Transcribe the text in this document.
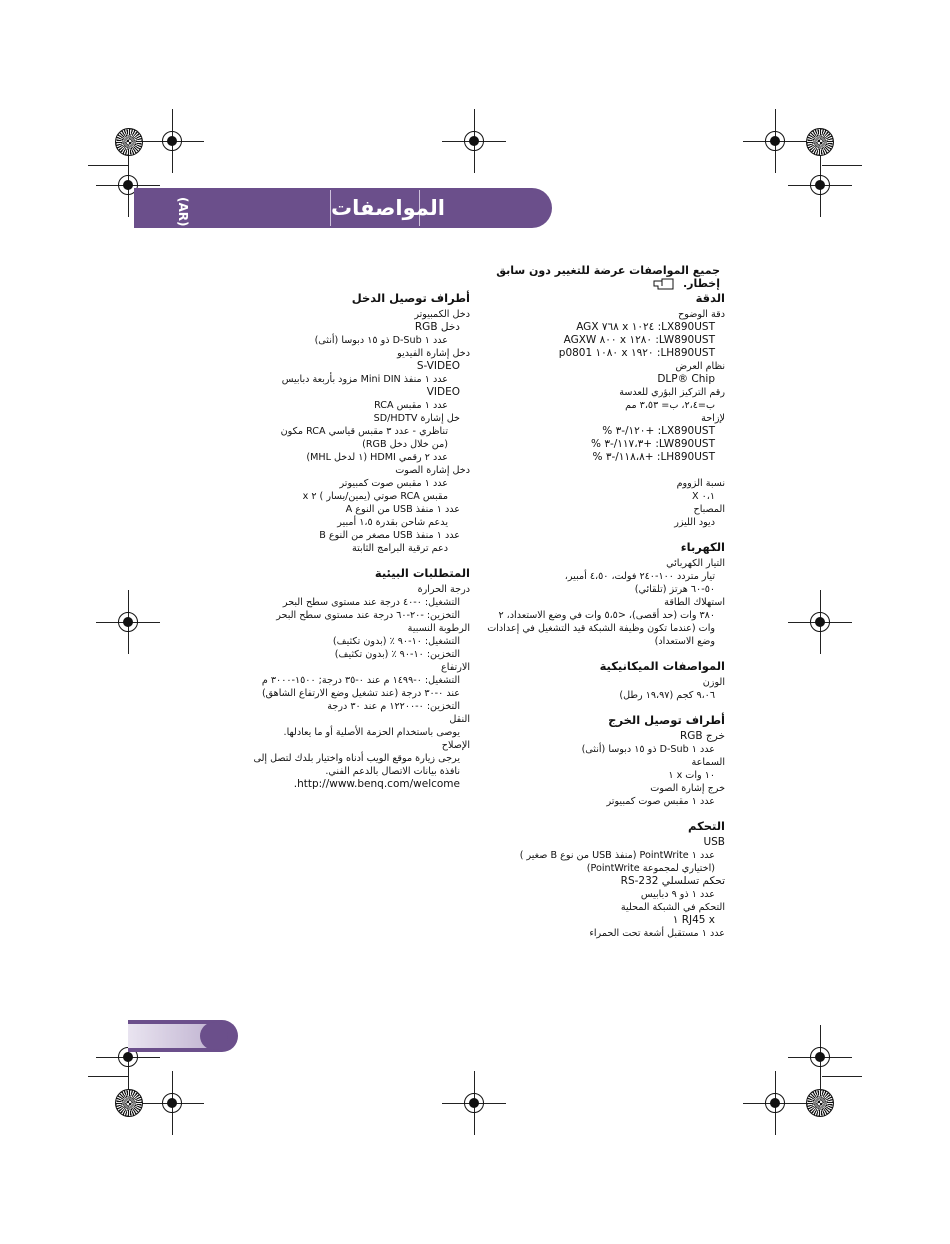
المواصفات
(AR)
جميع المواصفات عرضة للتغيير دون سابق إخطار.
الدقة
دقة الوضوح
LX890UST: ١٠٢٤ x ٧٦٨ AGX
LW890UST: ١٢٨٠ x ٨٠٠ AGXW
LH890UST: ١٩٢٠ x ١٠٨٠ p0801
نظام العرض
DLP® Chip
رقم التركيز البؤري للعدسة
ب=٢،٤، ب= ٣،٥٣ مم
لإزاحة
LX890UST: +١٢٠/-٣ %
LW890UST: +١١٧،٣/-٣ %
LH890UST: +١١٨،٨/-٣ %
نسبة الزووم
٠،١ X
المصباح
ديود الليزر
الكهرباء
التيار الكهربائي
تيار متردد ١٠٠-٢٤٠ فولت، ٤،٥٠ أمبير،
٥٠-٦٠ هرتز (تلقائي)
استهلاك الطاقة
٣٨٠ وات (حد أقصى)، <٥،٥ وات في وضع الاستعداد، ٢
وات (عندما تكون وظيفة الشبكة قيد التشغيل في إعدادات
وضع الاستعداد)
المواصفات الميكانيكية
الوزن
٩،٠٦ كجم (١٩،٩٧ رطل)
أطراف توصيل الخرج
خرج RGB
عدد ١ D-Sub ذو ١٥ دبوسا (أنثى)
السماعة
١٠ وات x ١
خرج إشارة الصوت
عدد ١ مقبس صوت كمبيوتر
التحكم
USB
عدد ١ PointWrite (منفذ USB من نوع B صغير )
(اختياري لمجموعة PointWrite)
تحكم تسلسلي RS-232
عدد ١ ذو ٩ دبابيس
التحكم في الشبكة المحلية
RJ45 x ١
عدد ١ مستقبل أشعة تحت الحمراء
أطراف توصيل الدخل
دخل الكمبيوتر
دخل RGB
عدد ١ D-Sub ذو ١٥ دبوسا (أنثى)
دخل إشارة الفيديو
S-VIDEO
عدد ١ منفذ Mini DIN مزود بأربعة دبابيس
VIDEO
عدد ١ مقبس RCA
خل إشارة SD/HDTV
تناظري - عدد ٣ مقبس قياسي RCA مكون
(من خلال دخل RGB)
عدد ٢ رقمي HDMI (١ لدخل MHL)
دخل إشارة الصوت
عدد ١ مقبس صوت كمبيوتر
مقبس RCA صوتي (يمين/يسار ) ٢ x
عدد ١ منفذ USB من النوع A
يدعم شاحن بقدرة ١،٥ أمبير
عدد ١ منفذ USB مصغر من النوع B
دعم ترقية البرامج الثابتة
المتطلبات البيئية
درجة الحرارة
التشغيل: ٠-٤٠ درجة عند مستوى سطح البحر
التخزين: -٢٠-٦٠ درجة عند مستوى سطح البحر
الرطوبة النسبية
التشغيل: ١٠-٩٠ ٪ (بدون تكثيف)
التخزين: ١٠-٩٠ ٪ (بدون تكثيف)
الارتفاع
التشغيل: ٠-١٤٩٩ م عند ٠-٣٥ درجة; ١٥٠٠-٣٠٠٠ م
عند ٠-٣٠ درجة (عند تشغيل وضع الارتفاع الشاهق)
التخزين: ٠-١٢٢٠٠ م عند ٣٠ درجة
النقل
يوصى باستخدام الحزمة الأصلية أو ما يعادلها.
الإصلاح
يرجى زيارة موقع الويب أدناه واختيار بلدك لتصل إلى
نافذة بيانات الاتصال بالدعم الفني.
http://www.benq.com/welcome.
